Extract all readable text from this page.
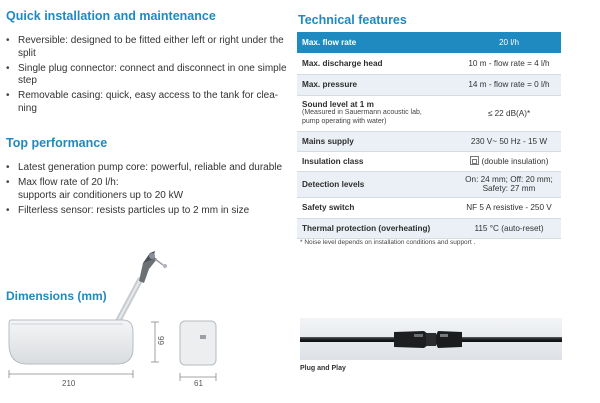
Quick installation and maintenance
• Reversible: designed to be fitted either left or right under the
split
• Single plug connector: connect and disconnect in one simple
step
• Removable casing: quick, easy access to the tank for clea-
ning
Top performance
• Latest generation pump core: powerful, reliable and durable
• Max flow rate of 20 l/h:
supports air conditioners up to 20 kW
• Filterless sensor: resists particles up to 2 mm in size
Dimensions (mm)
210
66
61
Technical features
Max. flow rate	20 l/h
Max. discharge head	10 m - flow rate = 4 l/h
Max. pressure	14 m - flow rate = 0 l/h
Sound level at 1 m
(Measured in Sauermann acoustic lab,
pump operating with water)	≤ 22 dB(A)*
Mains supply	230 V~ 50 Hz - 15 W
Insulation class	(double insulation)
Detection levels	On: 24 mm; Off: 20 mm;
Safety: 27 mm

Safety switch	NF 5 A resistive - 250 V
Thermal protection (overheating)	115 °C (auto-reset)
* Noise level depends on installation conditions and support .
Plug and Play
